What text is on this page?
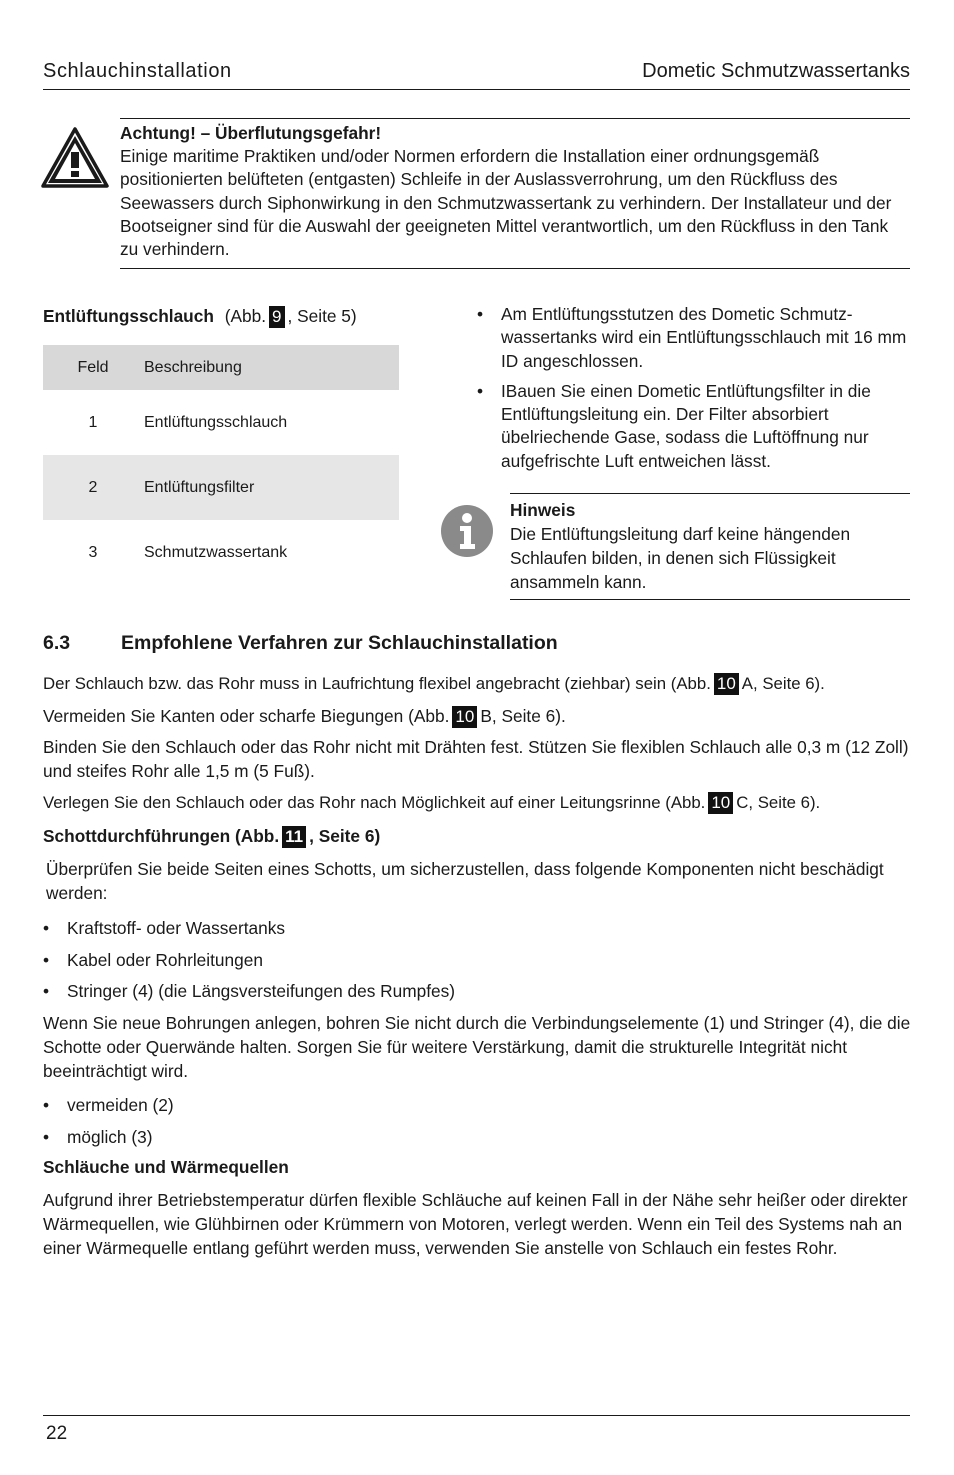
Schlauchinstallation	Dometic Schmutzwassertanks
Achtung! – Überflutungsgefahr!
Einige maritime Praktiken und/oder Normen erfordern die Installation einer ordnungsgemäß positionierten belüfteten (entgasten) Schleife in der Auslassverrohrung, um den Rückfluss des Seewassers durch Siphonwirkung in den Schmutzwassertank zu verhindern. Der Installateur und der Bootseigner sind für die Auswahl der geeigneten Mittel verantwortlich, um den Rückfluss in den Tank zu verhindern.
Entlüftungsschlauch (Abb. 9 , Seite 5)
Feld	Beschreibung
1	Entlüftungsschlauch
2	Entlüftungsfilter
3	Schmutzwassertank
• Am Entlüftungsstutzen des Dometic Schmutz-wassertanks wird ein Entlüftungsschlauch mit 16 mm ID angeschlossen.
• IBauen Sie einen Dometic Entlüftungsfilter in die Entlüftungsleitung ein. Der Filter absorbiert übelriechende Gase, sodass die Luftöffnung nur aufgefrischte Luft entweichen lässt.
Hinweis
Die Entlüftungsleitung darf keine hängenden Schlaufen bilden, in denen sich Flüssigkeit ansammeln kann.
6.3	Empfohlene Verfahren zur Schlauchinstallation
Der Schlauch bzw. das Rohr muss in Laufrichtung flexibel angebracht (ziehbar) sein (Abb. 10 A, Seite 6).
Vermeiden Sie Kanten oder scharfe Biegungen (Abb. 10 B, Seite 6).
Binden Sie den Schlauch oder das Rohr nicht mit Drähten fest. Stützen Sie flexiblen Schlauch alle 0,3 m (12 Zoll) und steifes Rohr alle 1,5 m (5 Fuß).
Verlegen Sie den Schlauch oder das Rohr nach Möglichkeit auf einer Leitungsrinne (Abb. 10 C, Seite 6).
Schottdurchführungen (Abb. 11 , Seite 6)
Überprüfen Sie beide Seiten eines Schotts, um sicherzustellen, dass folgende Komponenten nicht beschädigt werden:
• Kraftstoff- oder Wassertanks
• Kabel oder Rohrleitungen
• Stringer (4) (die Längsversteifungen des Rumpfes)
Wenn Sie neue Bohrungen anlegen, bohren Sie nicht durch die Verbindungselemente (1) und Stringer (4), die die Schotte oder Querwände halten. Sorgen Sie für weitere Verstärkung, damit die strukturelle Integrität nicht beeinträchtigt wird.
• vermeiden (2)
• möglich (3)
Schläuche und Wärmequellen
Aufgrund ihrer Betriebstemperatur dürfen flexible Schläuche auf keinen Fall in der Nähe sehr heißer oder direkter Wärmequellen, wie Glühbirnen oder Krümmern von Motoren, verlegt werden. Wenn ein Teil des Systems nah an einer Wärmequelle entlang geführt werden muss, verwenden Sie anstelle von Schlauch ein festes Rohr.
22
